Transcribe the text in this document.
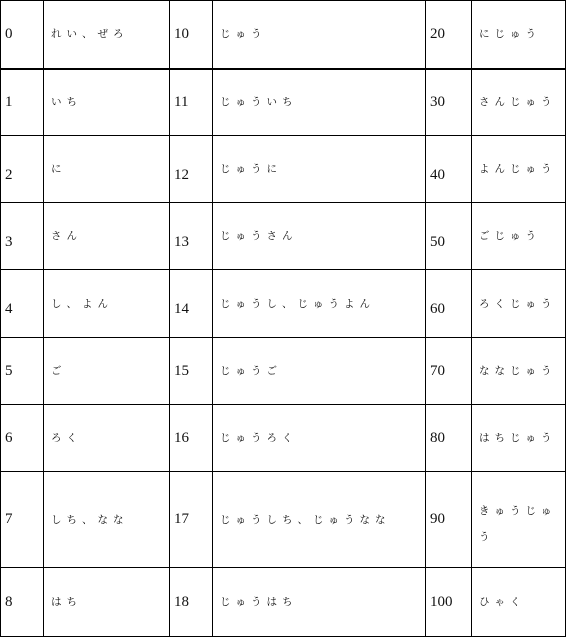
0	れい、ぜろ	10	じゅう	20	にじゅう
1	いち	11	じゅういち	30	さんじゅう
2	に	12	じゅうに	40	よんじゅう
3	さん	13	じゅうさん	50	ごじゅう
4	し、よん	14	じゅうし、じゅうよん	60	ろくじゅう
5	ご	15	じゅうご	70	ななじゅう
6	ろく	16	じゅうろく	80	はちじゅう
7	しち、なな	17	じゅうしち、じゅうなな	90	きゅうじゅう
8	はち	18	じゅうはち	100	ひゃく
